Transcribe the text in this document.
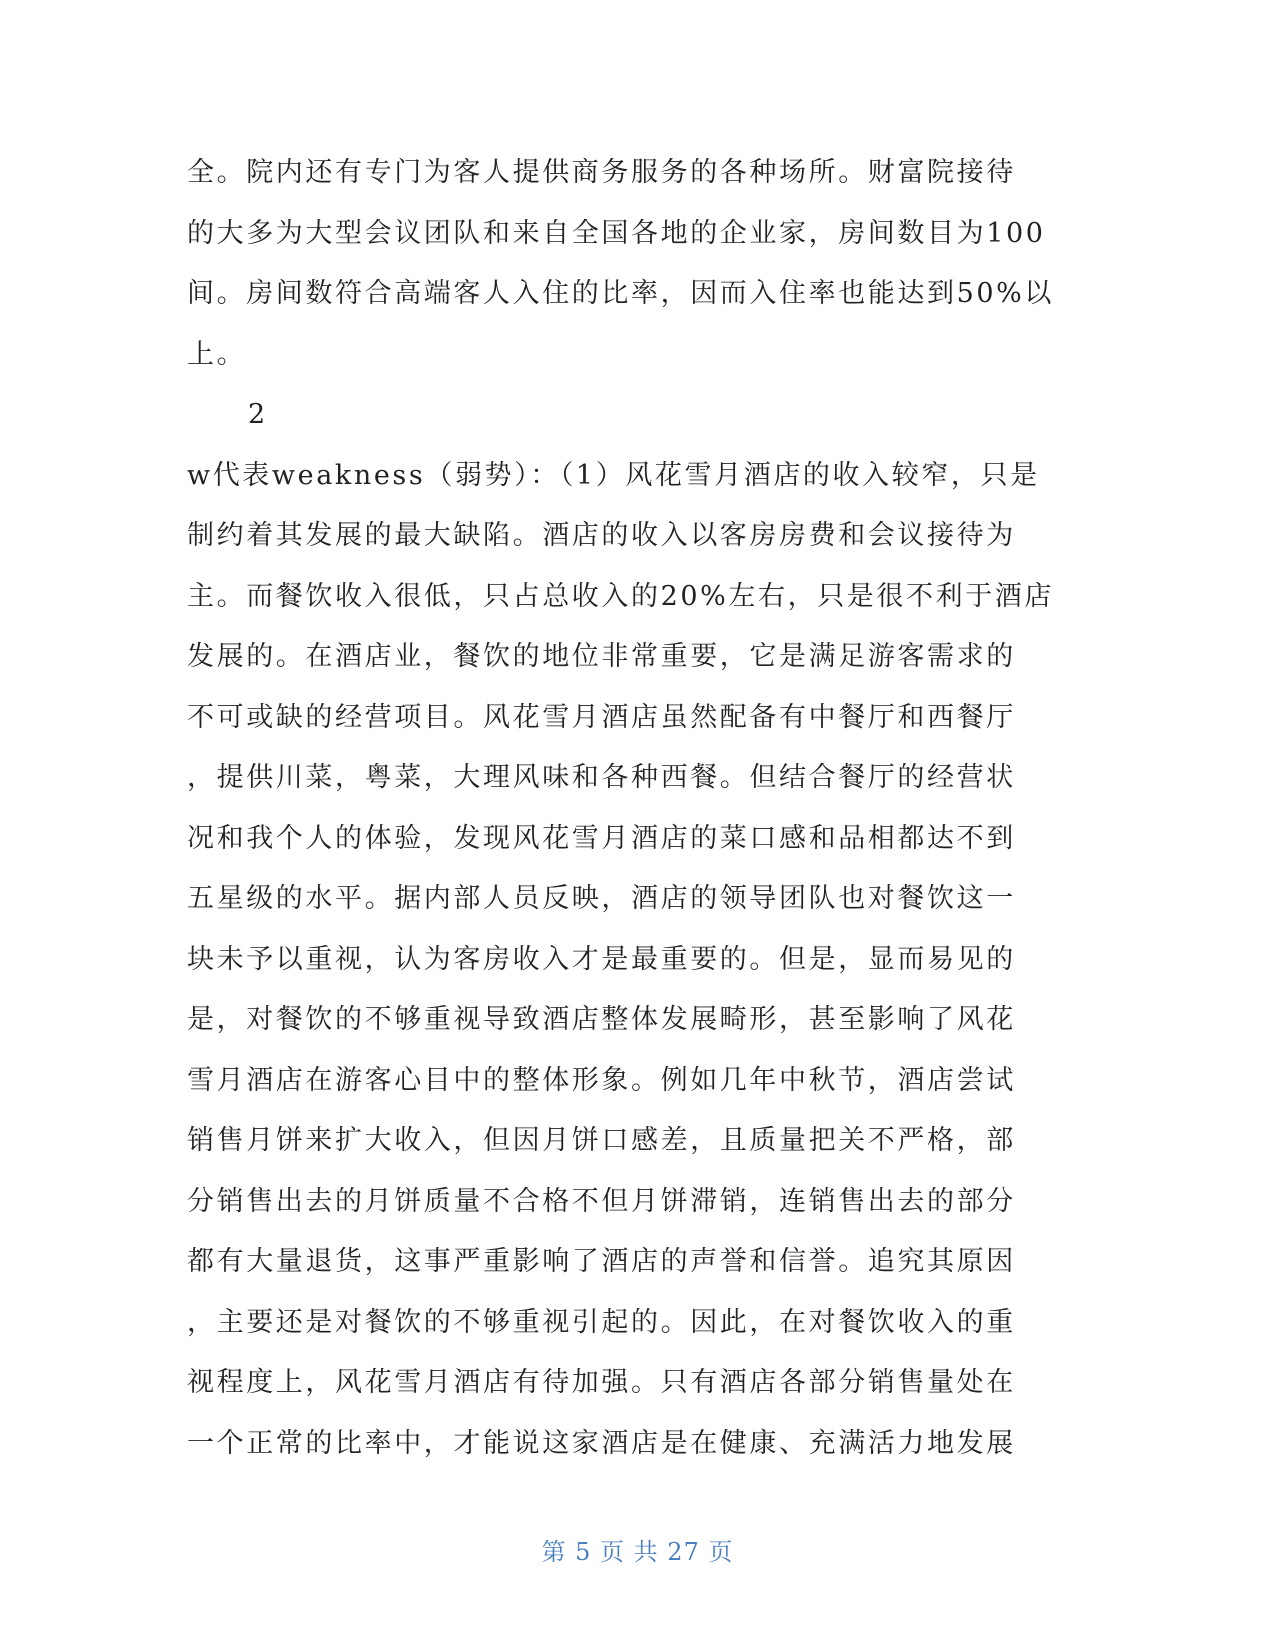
全。院内还有专门为客人提供商务服务的各种场所。财富院接待
的大多为大型会议团队和来自全国各地的企业家，房间数目为100
间。房间数符合高端客人入住的比率，因而入住率也能达到50%以
上。
2
w代表weakness（弱势）：（1）风花雪月酒店的收入较窄，只是
制约着其发展的最大缺陷。酒店的收入以客房房费和会议接待为
主。而餐饮收入很低，只占总收入的20%左右，只是很不利于酒店
发展的。在酒店业，餐饮的地位非常重要，它是满足游客需求的
不可或缺的经营项目。风花雪月酒店虽然配备有中餐厅和西餐厅
，提供川菜，粤菜，大理风味和各种西餐。但结合餐厅的经营状
况和我个人的体验，发现风花雪月酒店的菜口感和品相都达不到
五星级的水平。据内部人员反映，酒店的领导团队也对餐饮这一
块未予以重视，认为客房收入才是最重要的。但是，显而易见的
是，对餐饮的不够重视导致酒店整体发展畸形，甚至影响了风花
雪月酒店在游客心目中的整体形象。例如几年中秋节，酒店尝试
销售月饼来扩大收入，但因月饼口感差，且质量把关不严格，部
分销售出去的月饼质量不合格不但月饼滞销，连销售出去的部分
都有大量退货，这事严重影响了酒店的声誉和信誉。追究其原因
，主要还是对餐饮的不够重视引起的。因此，在对餐饮收入的重
视程度上，风花雪月酒店有待加强。只有酒店各部分销售量处在
一个正常的比率中，才能说这家酒店是在健康、充满活力地发展
第 5 页 共 27 页
